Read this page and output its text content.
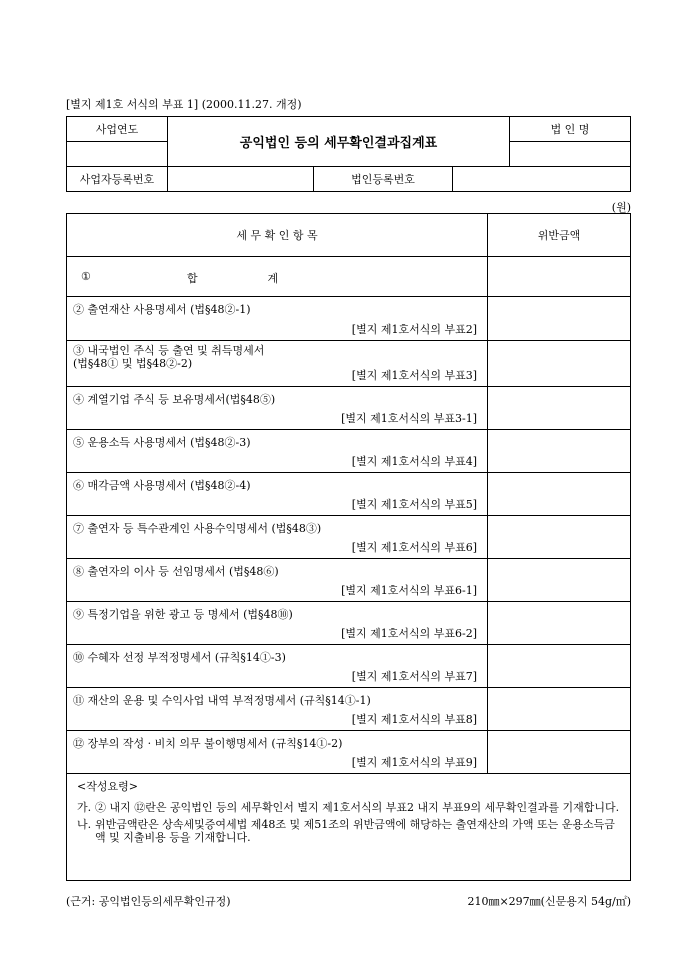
[별지 제1호 서식의 부표 1] (2000.11.27. 개정)
사업연도	공익법인 등의 세무확인결과집계표			법 인 명

사업자등록번호		법인등록번호		
(원)
세 무 확 인 항 목	위반금액
① 합                    계	

② 출연재산 사용명세서 (법§48②-1)
[별지 제1호서식의 부표2]	

③ 내국법인 주식 등 출연 및 취득명세서
(법§48① 및 법§48②-2)
[별지 제1호서식의 부표3]	

④ 계열기업 주식 등 보유명세서(법§48⑤)
[별지 제1호서식의 부표3-1]	

⑤ 운용소득 사용명세서 (법§48②-3)
[별지 제1호서식의 부표4]	

⑥ 매각금액 사용명세서 (법§48②-4)
[별지 제1호서식의 부표5]	

⑦ 출연자 등 특수관계인 사용수익명세서 (법§48③)
[별지 제1호서식의 부표6]	

⑧ 출연자의 이사 등 선임명세서 (법§48⑥)
[별지 제1호서식의 부표6-1]	

⑨ 특정기업을 위한 광고 등 명세서 (법§48⑩)
[별지 제1호서식의 부표6-2]	

⑩ 수혜자 선정 부적정명세서 (규칙§14①-3)
[별지 제1호서식의 부표7]	

⑪ 재산의 운용 및 수익사업 내역 부적정명세서 (규칙§14①-1)
[별지 제1호서식의 부표8]	

⑫ 장부의 작성 · 비치 의무 불이행명세서 (규칙§14①-2)
[별지 제1호서식의 부표9]	

<작성요령>
가. ② 내지 ⑫란은 공익법인 등의 세무확인서 별지 제1호서식의 부표2 내지 부표9의 세무확인결과를 기재합니다.
나. 위반금액란은 상속세및증여세법 제48조 및 제51조의 위반금액에 해당하는 출연재산의 가액 또는 운용소득금액 및 지출비용 등을 기재합니다.	
(근거: 공익법인등의세무확인규정)	210㎜×297㎜(신문용지 54g/㎡)
